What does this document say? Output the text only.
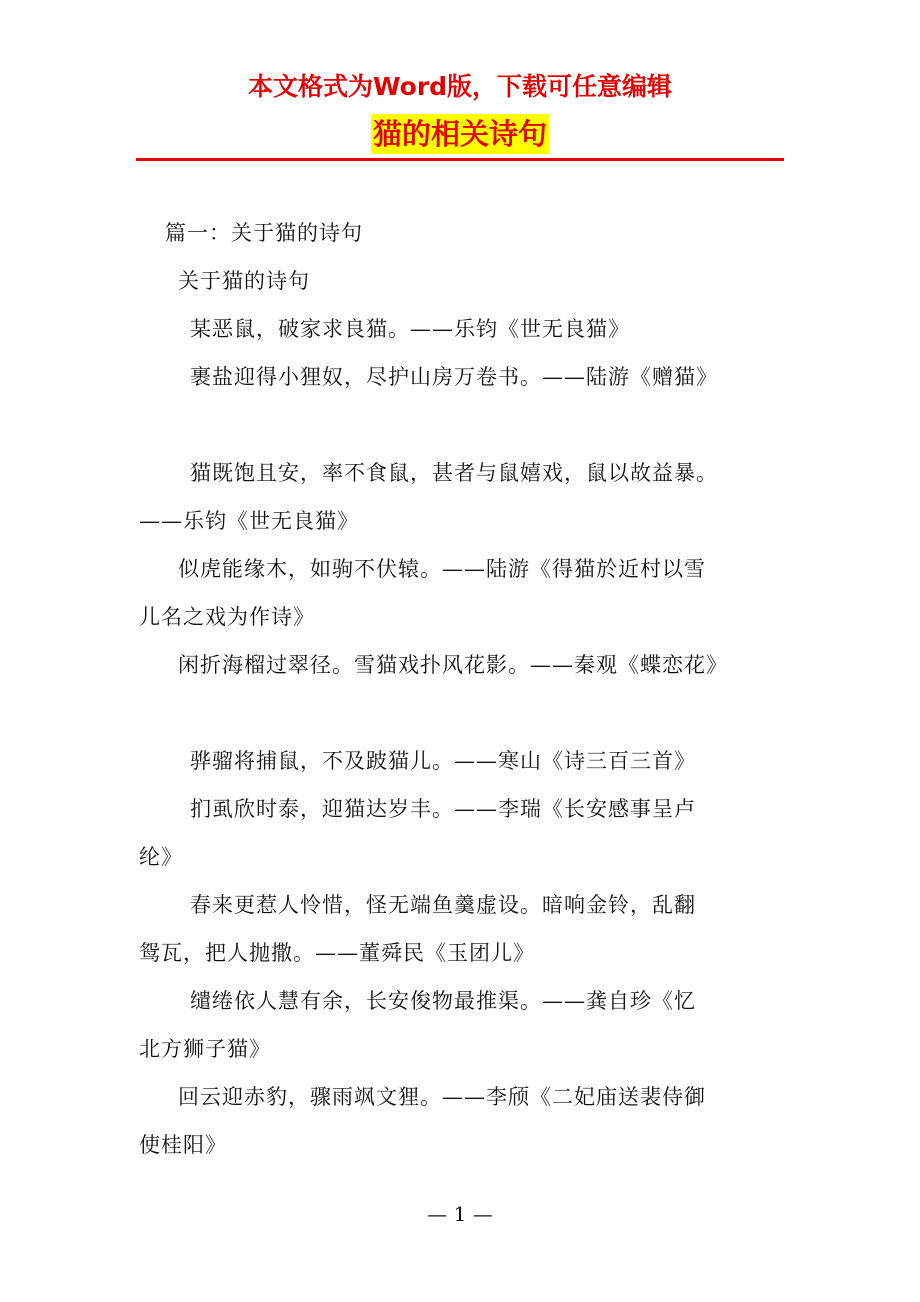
本文格式为Word版，下载可任意编辑
猫的相关诗句
篇一：关于猫的诗句
关于猫的诗句
某恶鼠，破家求良猫。——乐钧《世无良猫》
裹盐迎得小狸奴，尽护山房万卷书。——陆游《赠猫》
猫既饱且安，率不食鼠，甚者与鼠嬉戏，鼠以故益暴。
——乐钧《世无良猫》
似虎能缘木，如驹不伏辕。——陆游《得猫於近村以雪
儿名之戏为作诗》
闲折海榴过翠径。雪猫戏扑风花影。——秦观《蝶恋花》
骅骝将捕鼠，不及跛猫儿。——寒山《诗三百三首》
扪虱欣时泰，迎猫达岁丰。——李瑞《长安感事呈卢
纶》
春来更惹人怜惜，怪无端鱼羹虚设。暗响金铃，乱翻
鸳瓦，把人抛撒。——董舜民《玉团儿》
缱绻依人慧有余，长安俊物最推渠。——龚自珍《忆
北方狮子猫》
回云迎赤豹，骤雨飒文狸。——李颀《二妃庙送裴侍御
使桂阳》
— 1 —
